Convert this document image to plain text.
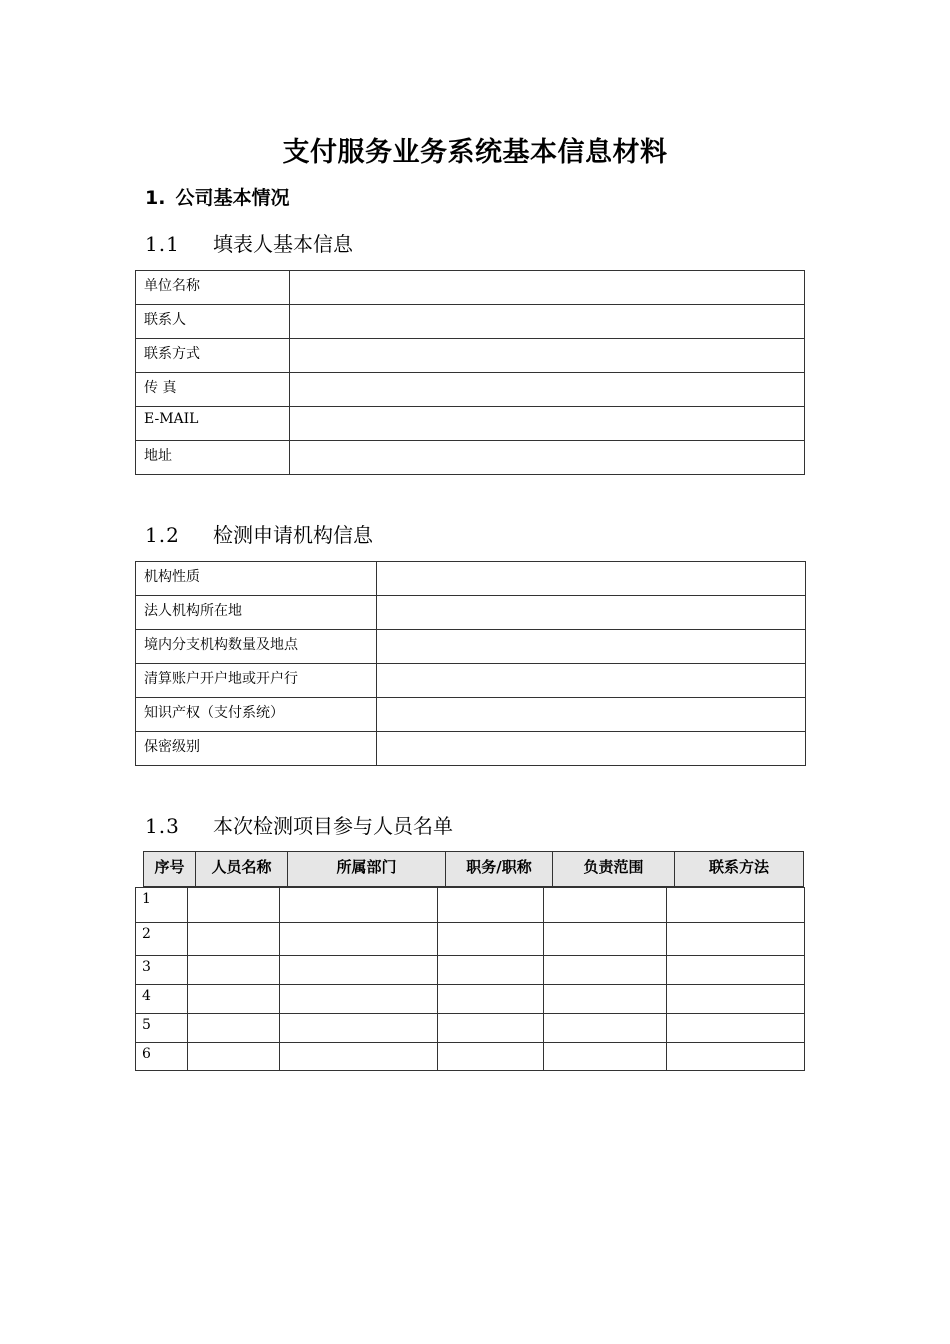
支付服务业务系统基本信息材料
1. 公司基本情况
1.1 填表人基本信息
单位名称	
联系人	
联系方式	
传 真	
E-MAIL	
地址	
1.2 检测申请机构信息
机构性质	
法人机构所在地	
境内分支机构数量及地点	
清算账户开户地或开户行	
知识产权（支付系统）	
保密级别	
1.3 本次检测项目参与人员名单
序号	人员名称	所属部门	职务/职称	负责范围	联系方法
1					
2					
3					
4					
5					
6					
